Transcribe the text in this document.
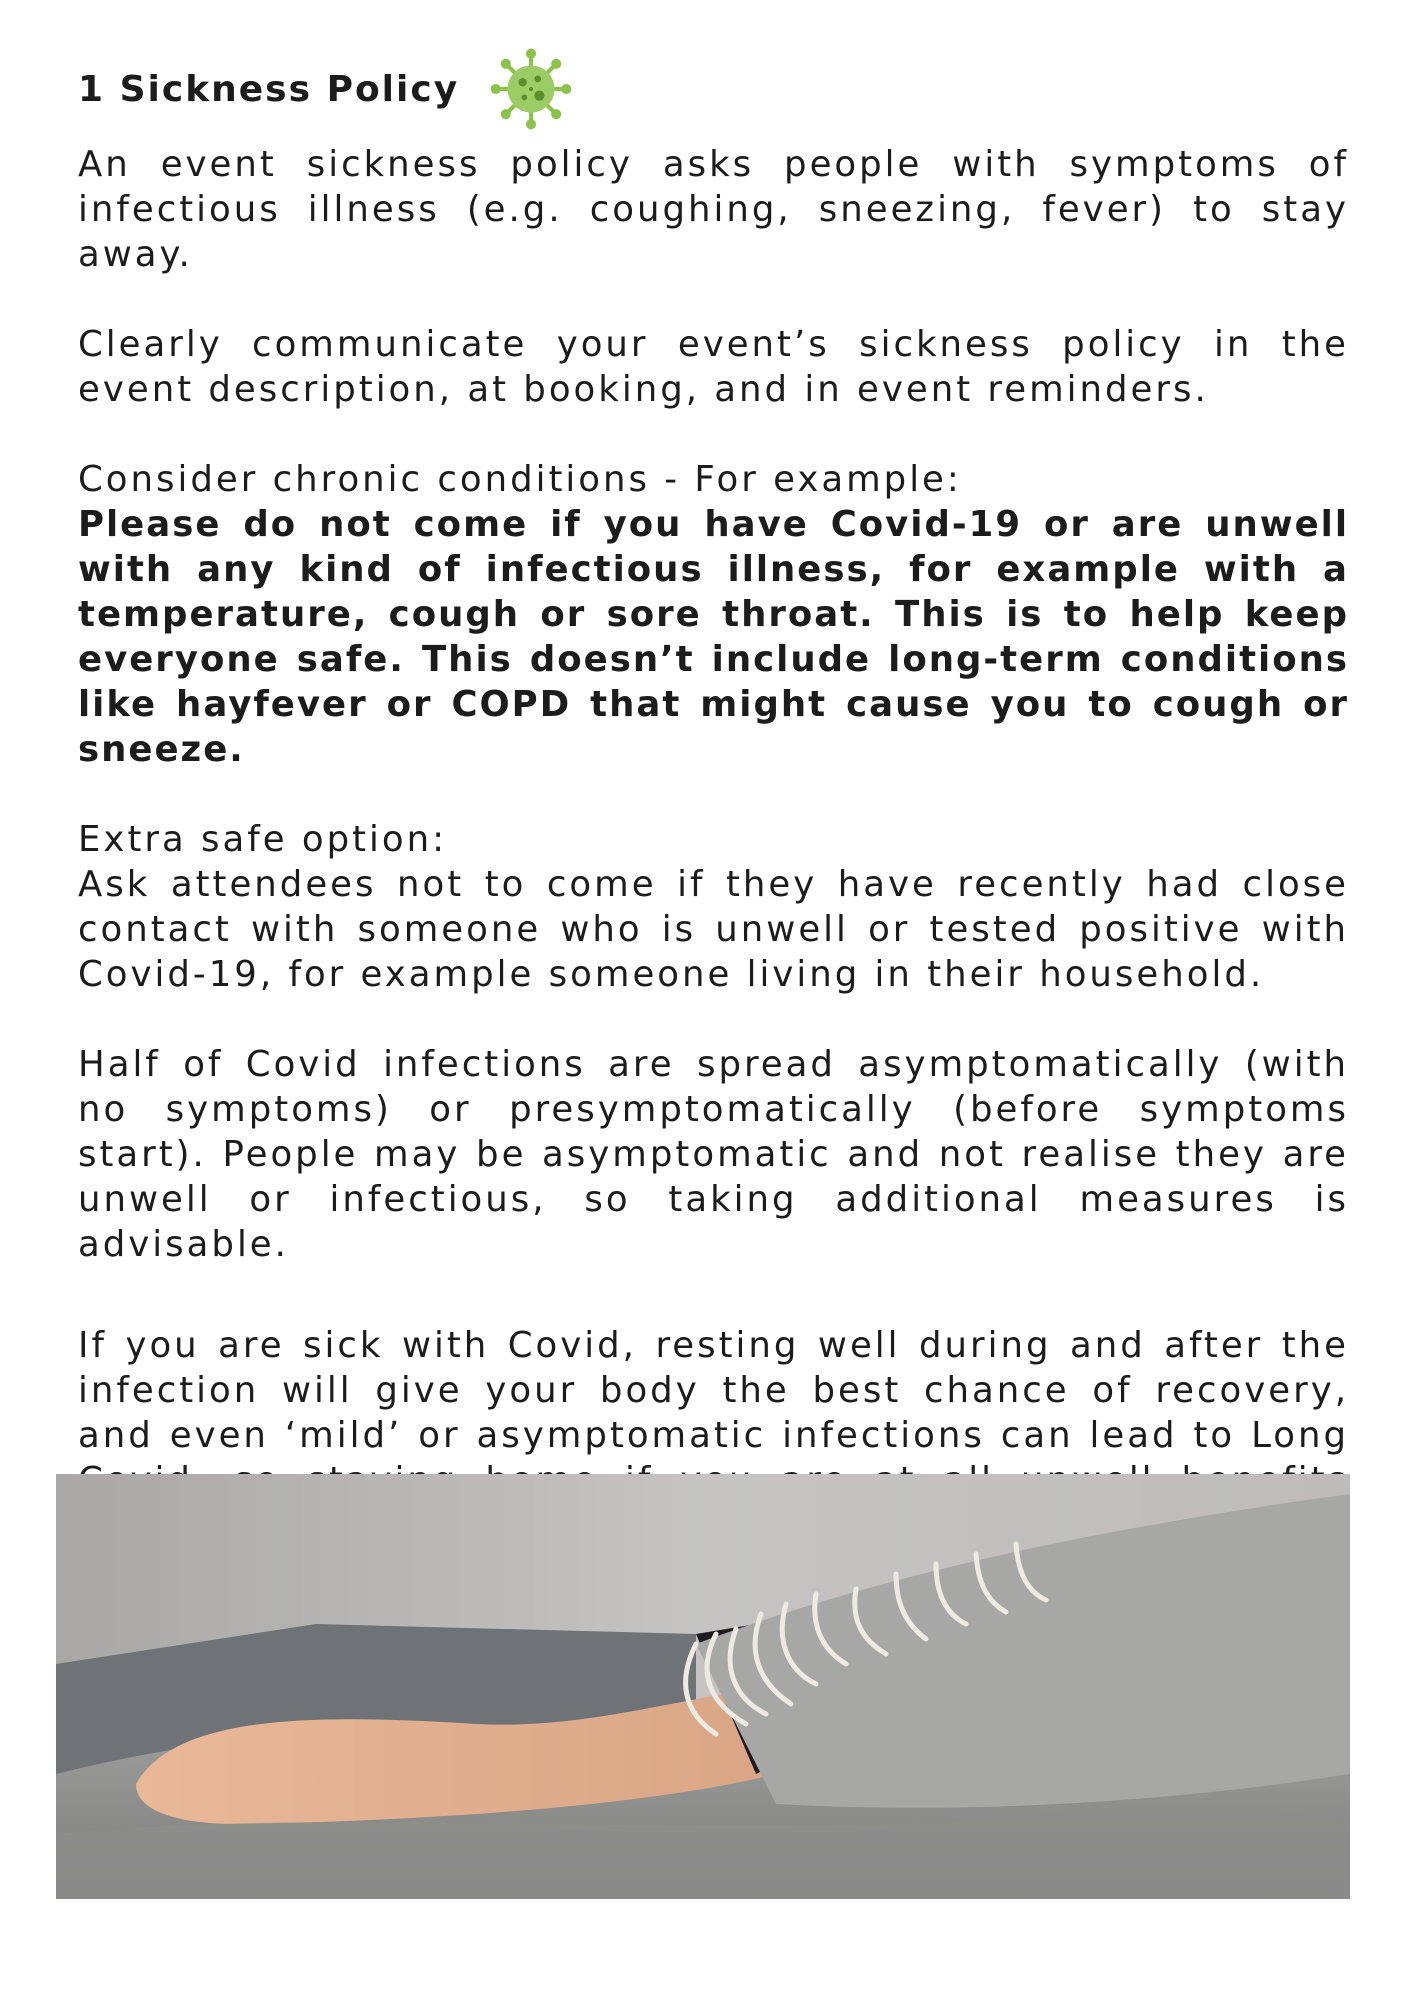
1 Sickness Policy

An event sickness policy asks people with symptoms of infectious illness (e.g. coughing, sneezing, fever) to stay away.

Clearly communicate your event’s sickness policy in the event description, at booking, and in event reminders.

Consider chronic conditions - For example:

Please do not come if you have Covid-19 or are unwell with any kind of infectious illness, for example with a temperature, cough or sore throat. This is to help keep everyone safe. This doesn’t include long-term conditions like hayfever or COPD that might cause you to cough or sneeze.

Extra safe option:

Ask attendees not to come if they have recently had close contact with someone who is unwell or tested positive with Covid-19, for example someone living in their household.

Half of Covid infections are spread asymptomatically (with no symptoms) or presymptomatically (before symptoms start). People may be asymptomatic and not realise they are unwell or infectious, so taking additional measures is advisable.

If you are sick with Covid, resting well during and after the infection will give your body the best chance of recovery, and even ‘mild’ or asymptomatic infections can lead to Long
